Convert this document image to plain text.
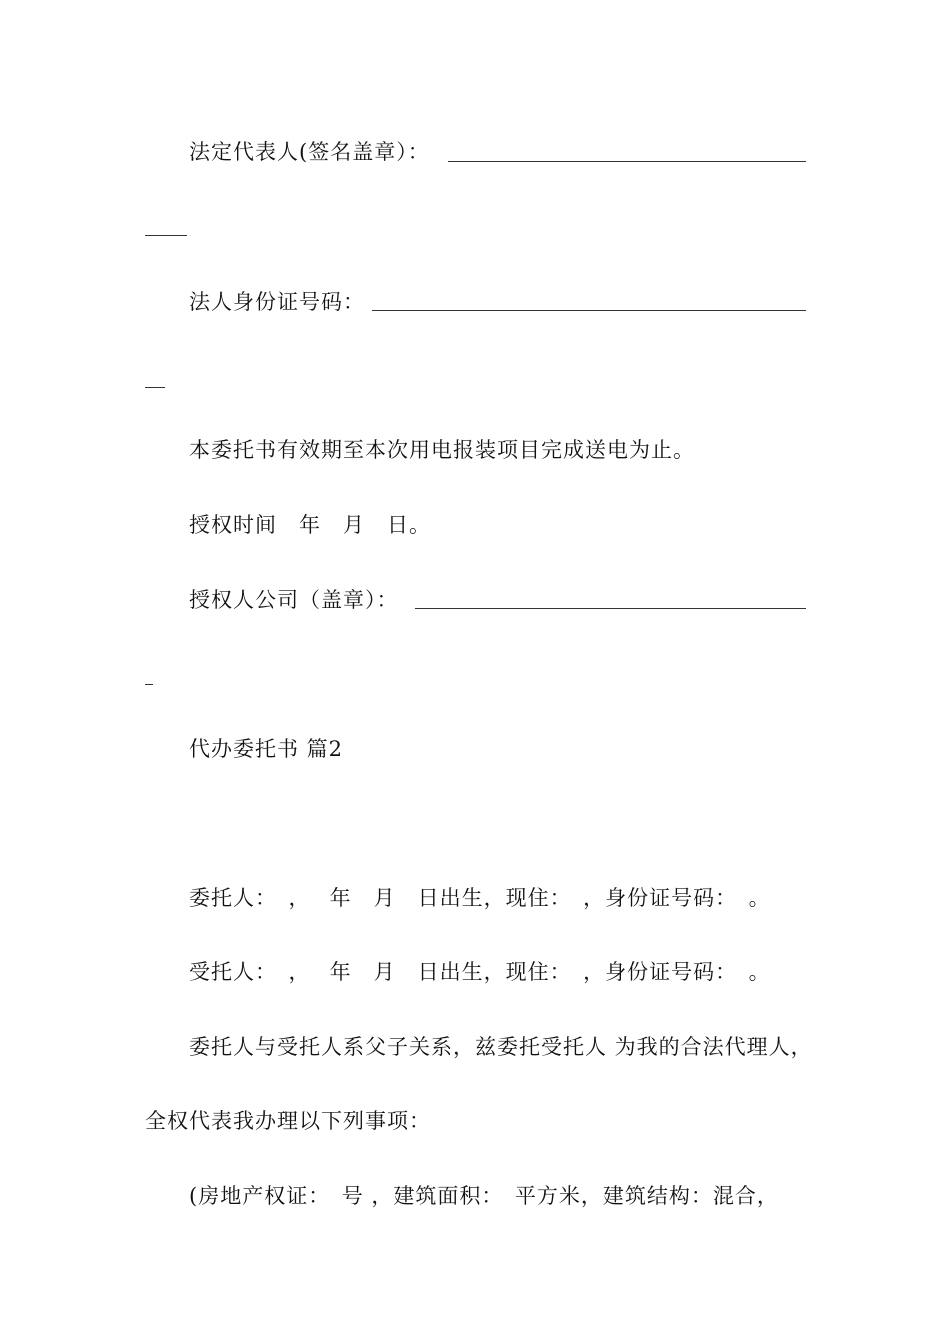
法定代表人(签名盖章）：
法人身份证号码：
本委托书有效期至本次用电报装项目完成送电为止。
授权时间　年　月　日。
授权人公司（盖章）：
代办委托书 篇2
委托人：　，　 年　月　日出生，现住：　，身份证号码：　。
受托人：　，　 年　月　日出生，现住：　，身份证号码：　。
委托人与受托人系父子关系，兹委托受托人 为我的合法代理人，
全权代表我办理以下列事项：
(房地产权证：　号 ，建筑面积：　平方米，建筑结构：混合，
